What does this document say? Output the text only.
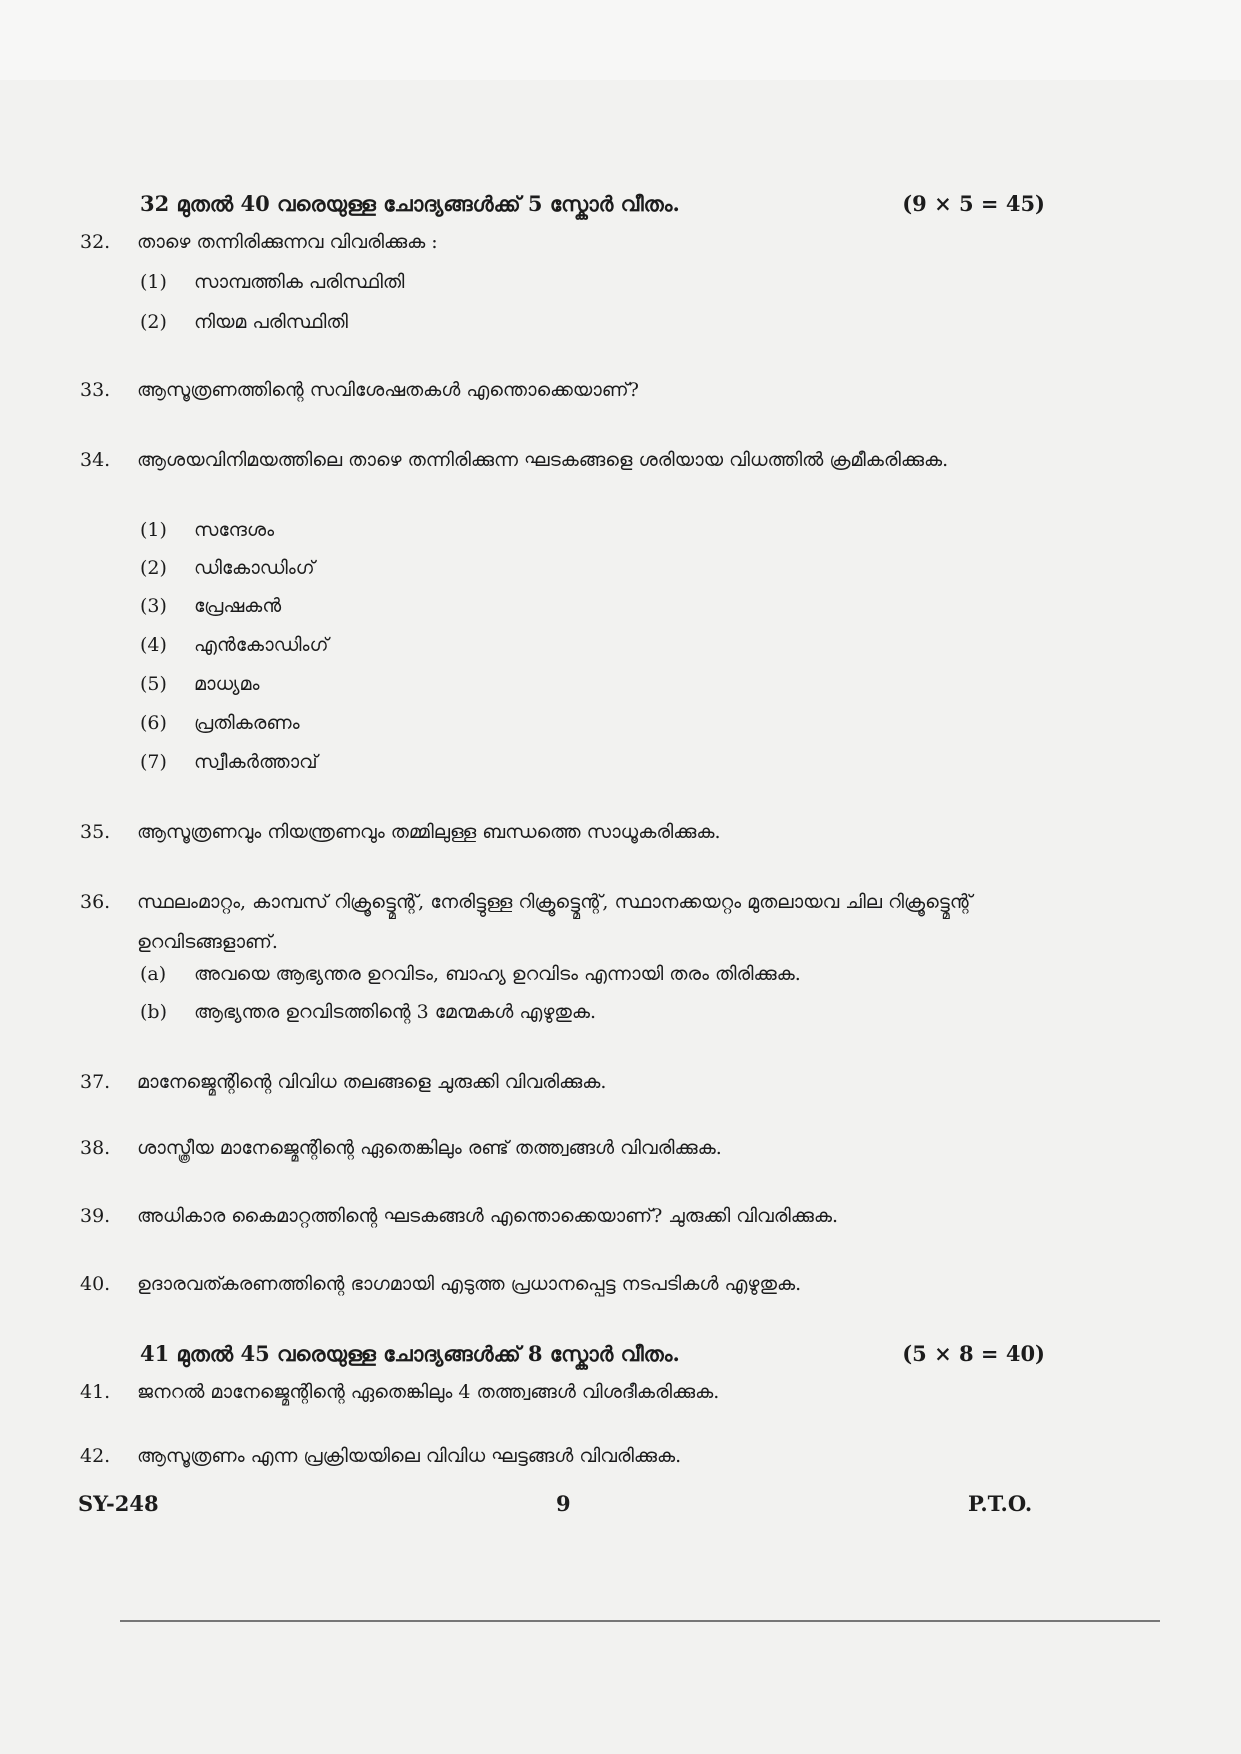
32 മുതൽ 40 വരെയുള്ള ചോദ്യങ്ങൾക്ക് 5 സ്കോർ വീതം.	(9 × 5 = 45)
32.	താഴെ തന്നിരിക്കുന്നവ വിവരിക്കുക :
(1)	സാമ്പത്തിക പരിസ്ഥിതി
(2)	നിയമ പരിസ്ഥിതി
33.	ആസൂത്രണത്തിന്റെ സവിശേഷതകൾ എന്തൊക്കെയാണ്?
34.	ആശയവിനിമയത്തിലെ താഴെ തന്നിരിക്കുന്ന ഘടകങ്ങളെ ശരിയായ വിധത്തിൽ ക്രമീകരിക്കുക.
(1)	സന്ദേശം
(2)	ഡികോഡിംഗ്
(3)	പ്രേഷകൻ
(4)	എൻകോഡിംഗ്
(5)	മാധ്യമം
(6)	പ്രതികരണം
(7)	സ്വീകർത്താവ്
35.	ആസൂത്രണവും നിയന്ത്രണവും തമ്മിലുള്ള ബന്ധത്തെ സാധൂകരിക്കുക.
36.	സ്ഥലംമാറ്റം, കാമ്പസ് റിക്രൂട്ട്മെന്റ്, നേരിട്ടുള്ള റിക്രൂട്ട്മെന്റ്, സ്ഥാനക്കയറ്റം മുതലായവ ചില റിക്രൂട്ട്മെന്റ് ഉറവിടങ്ങളാണ്.
(a)	അവയെ ആഭ്യന്തര ഉറവിടം, ബാഹ്യ ഉറവിടം എന്നായി തരം തിരിക്കുക.
(b)	ആഭ്യന്തര ഉറവിടത്തിന്റെ 3 മേന്മകൾ എഴുതുക.
37.	മാനേജ്മെന്റിന്റെ വിവിധ തലങ്ങളെ ചുരുക്കി വിവരിക്കുക.
38.	ശാസ്ത്രീയ മാനേജ്മെന്റിന്റെ ഏതെങ്കിലും രണ്ട് തത്ത്വങ്ങൾ വിവരിക്കുക.
39.	അധികാര കൈമാറ്റത്തിന്റെ ഘടകങ്ങൾ എന്തൊക്കെയാണ്? ചുരുക്കി വിവരിക്കുക.
40.	ഉദാരവത്കരണത്തിന്റെ ഭാഗമായി എടുത്ത പ്രധാനപ്പെട്ട നടപടികൾ എഴുതുക.
41 മുതൽ 45 വരെയുള്ള ചോദ്യങ്ങൾക്ക് 8 സ്കോർ വീതം.	(5 × 8 = 40)
41.	ജനറൽ മാനേജ്മെന്റിന്റെ ഏതെങ്കിലും 4 തത്ത്വങ്ങൾ വിശദീകരിക്കുക.
42.	ആസൂത്രണം എന്ന പ്രക്രിയയിലെ വിവിധ ഘട്ടങ്ങൾ വിവരിക്കുക.
SY-248	9	P.T.O.
